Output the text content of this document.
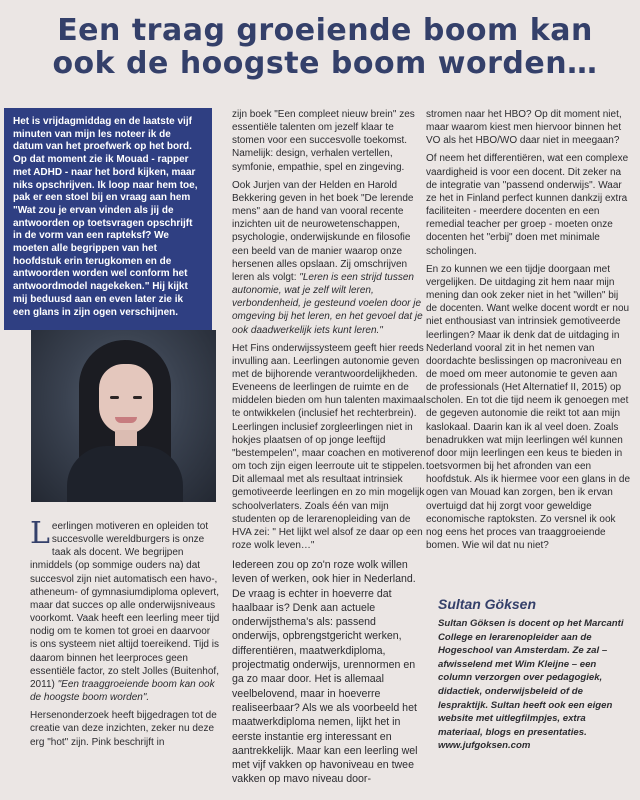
Een traag groeiende boom kan
ook de hoogste boom worden…
Het is vrijdagmiddag en de laatste vijf minuten van mijn les noteer ik de datum van het proefwerk op het bord. Op dat moment zie ik Mouad - rapper met ADHD - naar het bord kijken, maar niks opschrijven. Ik loop naar hem toe, pak er een stoel bij en vraag aan hem "Wat zou je ervan vinden als jij de antwoorden op toetsvragen opschrijft in de vorm van een rapteksf? We moeten alle begrippen van het hoofdstuk erin terugkomen en de antwoorden worden wel conform het antwoordmodel nagekeken." Hij kijkt mij beduusd aan en even later zie ik een glans in zijn ogen verschijnen.

Leerlingen motiveren en opleiden tot succesvolle wereldburgers is onze taak als docent. We begrijpen inmiddels (op sommige ouders na) dat succesvol zijn niet automatisch een havo-, atheneum- of gymnasiumdiploma oplevert, maar dat succes op alle onderwijsniveaus voorkomt. Vaak heeft een leerling meer tijd nodig om te komen tot groei en daarvoor is ons systeem niet altijd toereikend. Tijd is daarom binnen het leerproces geen essentiële factor, zo stelt Jolles (Buitenhof, 2011) "Een traaggroeiende boom kan ook de hoogste boom worden".

Hersenonderzoek heeft bijgedragen tot de creatie van deze inzichten, zeker nu deze erg "hot" zijn. Pink beschrijft in

zijn boek "Een compleet nieuw brein" zes essentiële talenten om jezelf klaar te stomen voor een succesvolle toekomst. Namelijk: design, verhalen vertellen, symfonie, empathie, spel en zingeving.

Ook Jurjen van der Helden en Harold Bekkering geven in het boek "De lerende mens" aan de hand van vooral recente inzichten uit de neurowetenschappen, psychologie, onderwijskunde en filosofie een beeld van de manier waarop onze hersenen alles opslaan. Zij omschrijven leren als volgt: "Leren is een strijd tussen autonomie, wat je zelf wilt leren, verbondenheid, je gesteund voelen door je omgeving bij het leren, en het gevoel dat je ook daadwerkelijk iets kunt leren."

Het Fins onderwijssysteem geeft hier reeds invulling aan. Leerlingen autonomie geven met de bijhorende verantwoordelijkheden. Eveneens de leerlingen de ruimte en de middelen bieden om hun talenten maximaal te ontwikkelen (inclusief het rechterbrein). Leerlingen inclusief zorgleerlingen niet in hokjes plaatsen of op jonge leeftijd "bestempelen", maar coachen en motiveren om toch zijn eigen leerroute uit te stippelen. Dit allemaal met als resultaat intrinsiek gemotiveerde leerlingen en zo min mogelijk schoolverlaters. Zoals één van mijn studenten op de lerarenopleiding van de HVA zei: " Het lijkt wel alsof ze daar op een roze wolk leven…"

Iedereen zou op zo'n roze wolk willen leven of werken, ook hier in Nederland. De vraag is echter in hoeverre dat haalbaar is? Denk aan actuele onderwijsthema's als: passend onderwijs, opbrengstgericht werken, differentiëren, maatwerkdiploma, projectmatig onderwijs, urennormen en ga zo maar door. Het is allemaal veelbelovend, maar in hoeverre realiseerbaar? Als we als voorbeeld het maatwerkdiploma nemen, lijkt het in eerste instantie erg interessant en aantrekkelijk. Maar kan een leerling wel met vijf vakken op havoniveau en twee vakken op mavo niveau door-

stromen naar het HBO? Op dit moment niet, maar waarom kiest men hiervoor binnen het VO als het HBO/WO daar niet in meegaan?

Of neem het differentiëren, wat een complexe vaardigheid is voor een docent. Dit zeker na de integratie van "passend onderwijs". Waar ze het in Finland perfect kunnen dankzij extra faciliteiten - meerdere docenten en een remedial teacher per groep - moeten onze docenten het "erbij" doen met minimale scholingen.

En zo kunnen we een tijdje doorgaan met vergelijken. De uitdaging zit hem naar mijn mening dan ook zeker niet in het "willen" bij de docenten. Want welke docent wordt er nou niet enthousiast van intrinsiek gemotiveerde leerlingen? Maar ik denk dat de uitdaging in Nederland vooral zit in het nemen van doordachte beslissingen op macroniveau en de moed om meer autonomie te geven aan de professionals (Het Alternatief II, 2015) op scholen. En tot die tijd neem ik genoegen met de gegeven autonomie die reikt tot aan mijn kaslokaal. Daarin kan ik al veel doen. Zoals benadrukken wat mijn leerlingen wél kunnen of door mijn leerlingen een keus te bieden in toetsvormen bij het afronden van een hoofdstuk. Als ik hiermee voor een glans in de ogen van Mouad kan zorgen, ben ik ervan overtuigd dat hij zorgt voor geweldige economische raptoksten. Zo versnel ik ook nog eens het proces van traaggroeiende bomen. Wie wil dat nu niet?

Sultan Göksen
Sultan Göksen is docent op het Marcanti College en lerarenopleider aan de Hogeschool van Amsterdam. Ze zal – afwisselend met Wim Kleijne – een column verzorgen over pedagogiek, didactiek, onderwijsbeleid of de lespraktijk. Sultan heeft ook een eigen website met uitlegfilmpjes, extra materiaal, blogs en presentaties. www.jufgoksen.com
